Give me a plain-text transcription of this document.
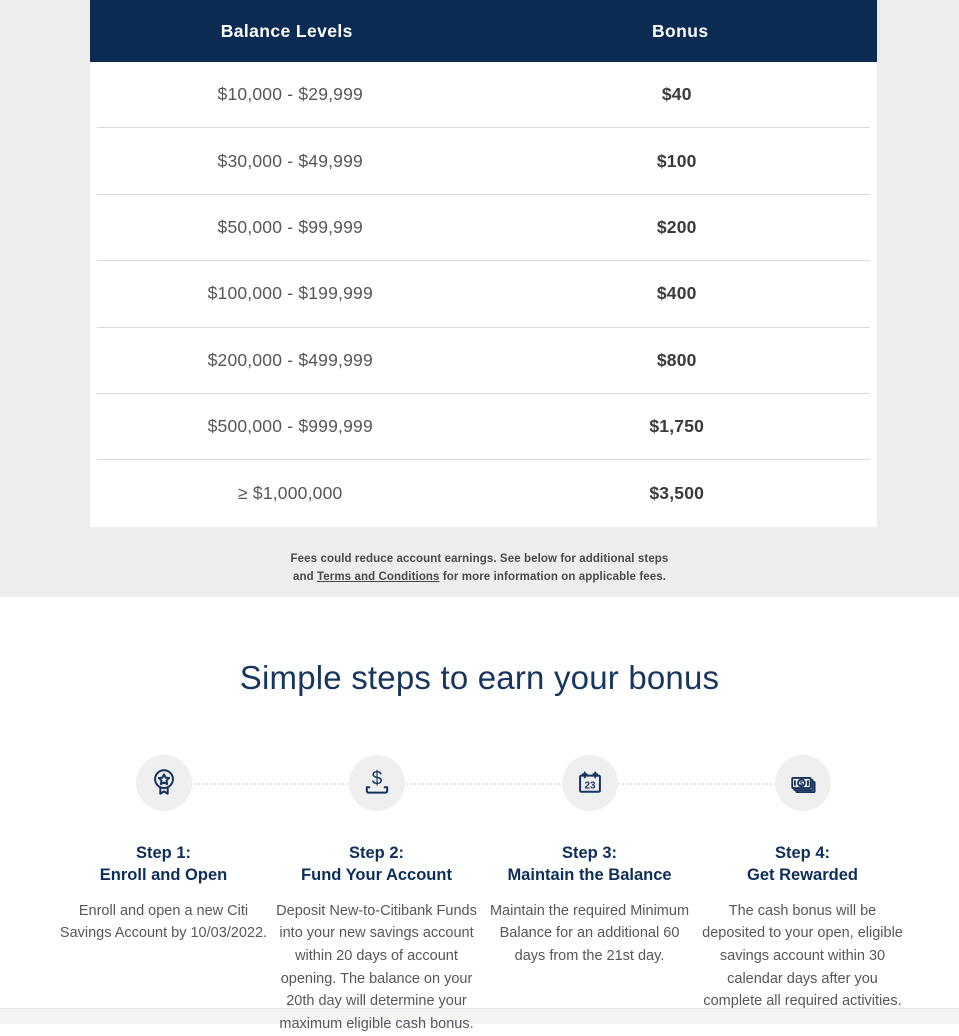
Balance Levels	Bonus
$10,000 - $29,999	$40
$30,000 - $49,999	$100
$50,000 - $99,999	$200
$100,000 - $199,999	$400
$200,000 - $499,999	$800
$500,000 - $999,999	$1,750
≥ $1,000,000	$3,500

Fees could reduce account earnings. See below for additional steps
and Terms and Conditions for more information on applicable fees.

Simple steps to earn your bonus
Step 1:
Enroll and Open
Enroll and open a new Citi Savings Account by 10/03/2022.
$
Step 2:
Fund Your Account
Deposit New-to-Citibank Funds into your new savings account within 20 days of account opening. The balance on your 20th day will determine your maximum eligible cash bonus.
23
Step 3:
Maintain the Balance
Maintain the required Minimum Balance for an additional 60 days from the 21st day.
$
Step 4:
Get Rewarded
The cash bonus will be deposited to your open, eligible savings account within 30 calendar days after you complete all required activities.
